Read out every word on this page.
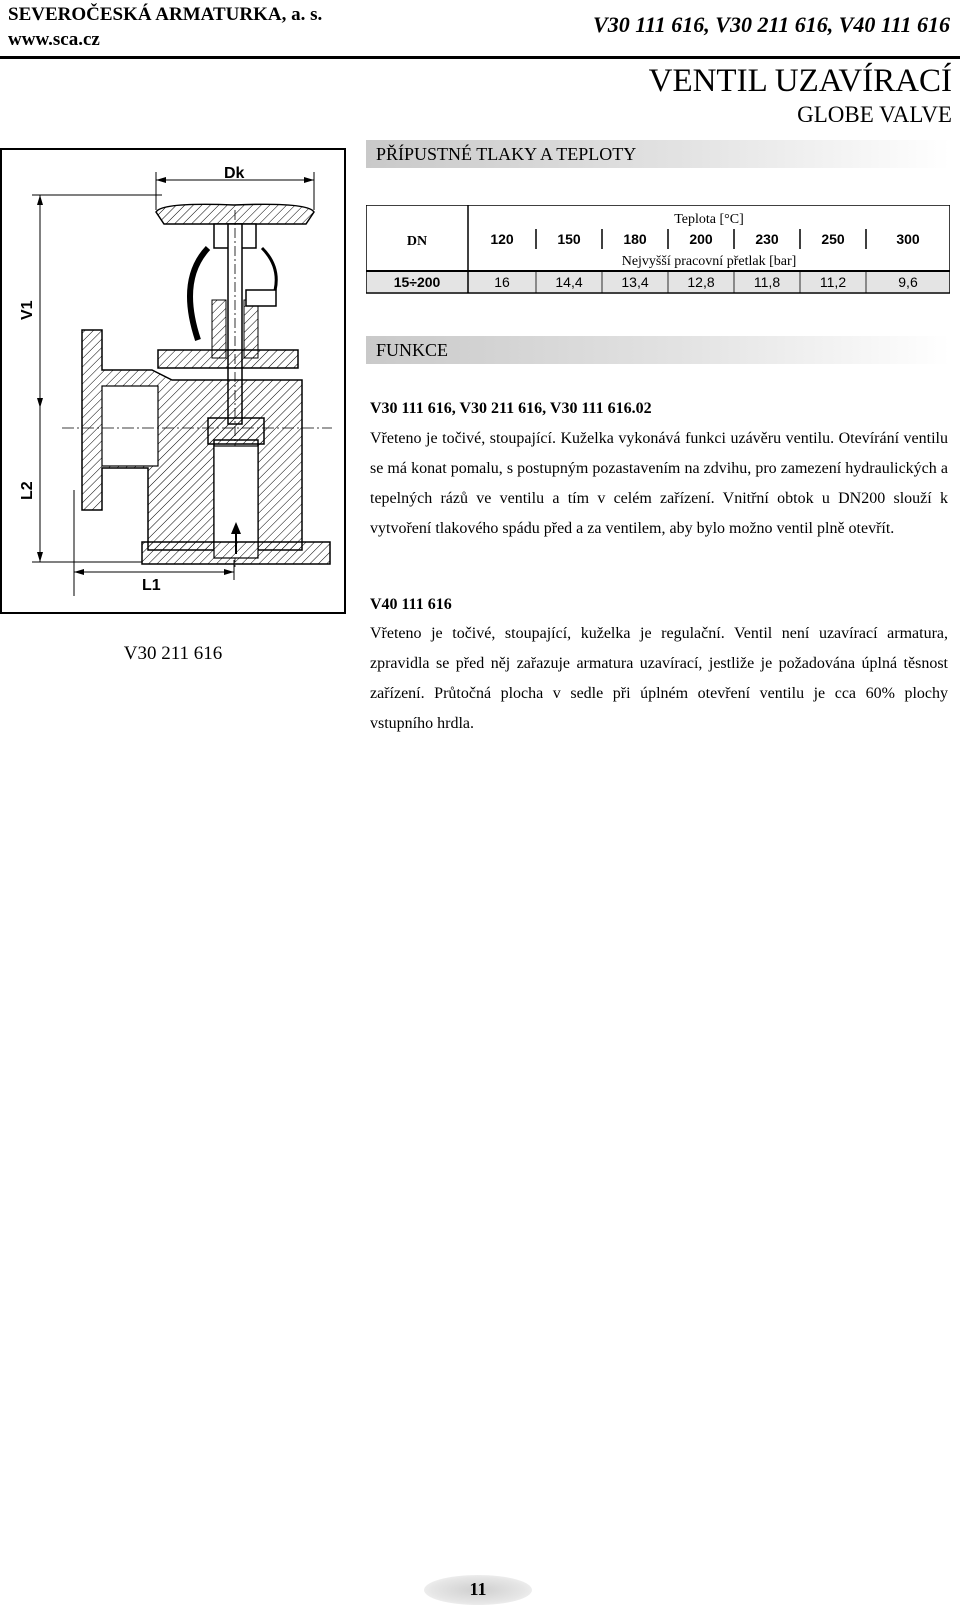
SEVEROČESKÁ ARMATURKA, a. s.
www.sca.cz
V30 111 616, V30 211 616, V40 111 616
VENTIL UZAVÍRACÍ
GLOBE VALVE
Dk
V1
L2
L1
V30 211 616
PŘÍPUSTNÉ TLAKY A TEPLOTY
DN
Teplota [°C]
Nejvyšší pracovní přetlak [bar]
120	150	180	200	230	250	300
15÷200	16	14,4	13,4	12,8	11,8	11,2	9,6
FUNKCE
V30 111 616, V30 211 616, V30 111 616.02
Vřeteno je točivé, stoupající. Kuželka vykonává funkci uzávěru ventilu. Otevírání ventilu se má konat pomalu, s postupným pozastavením na zdvihu, pro zamezení hydraulických a tepelných rázů ve ventilu a tím v celém zařízení. Vnitřní obtok u DN200 slouží k vytvoření tlakového spádu před a za ventilem, aby bylo možno ventil plně otevřít.
V40 111 616
Vřeteno je točivé, stoupající, kuželka je regulační. Ventil není uzavírací armatura, zpravidla se před něj zařazuje armatura uzavírací, jestliže je požadována úplná těsnost zařízení. Průtočná plocha v sedle při úplném otevření ventilu je cca 60% plochy vstupního hrdla.
11
